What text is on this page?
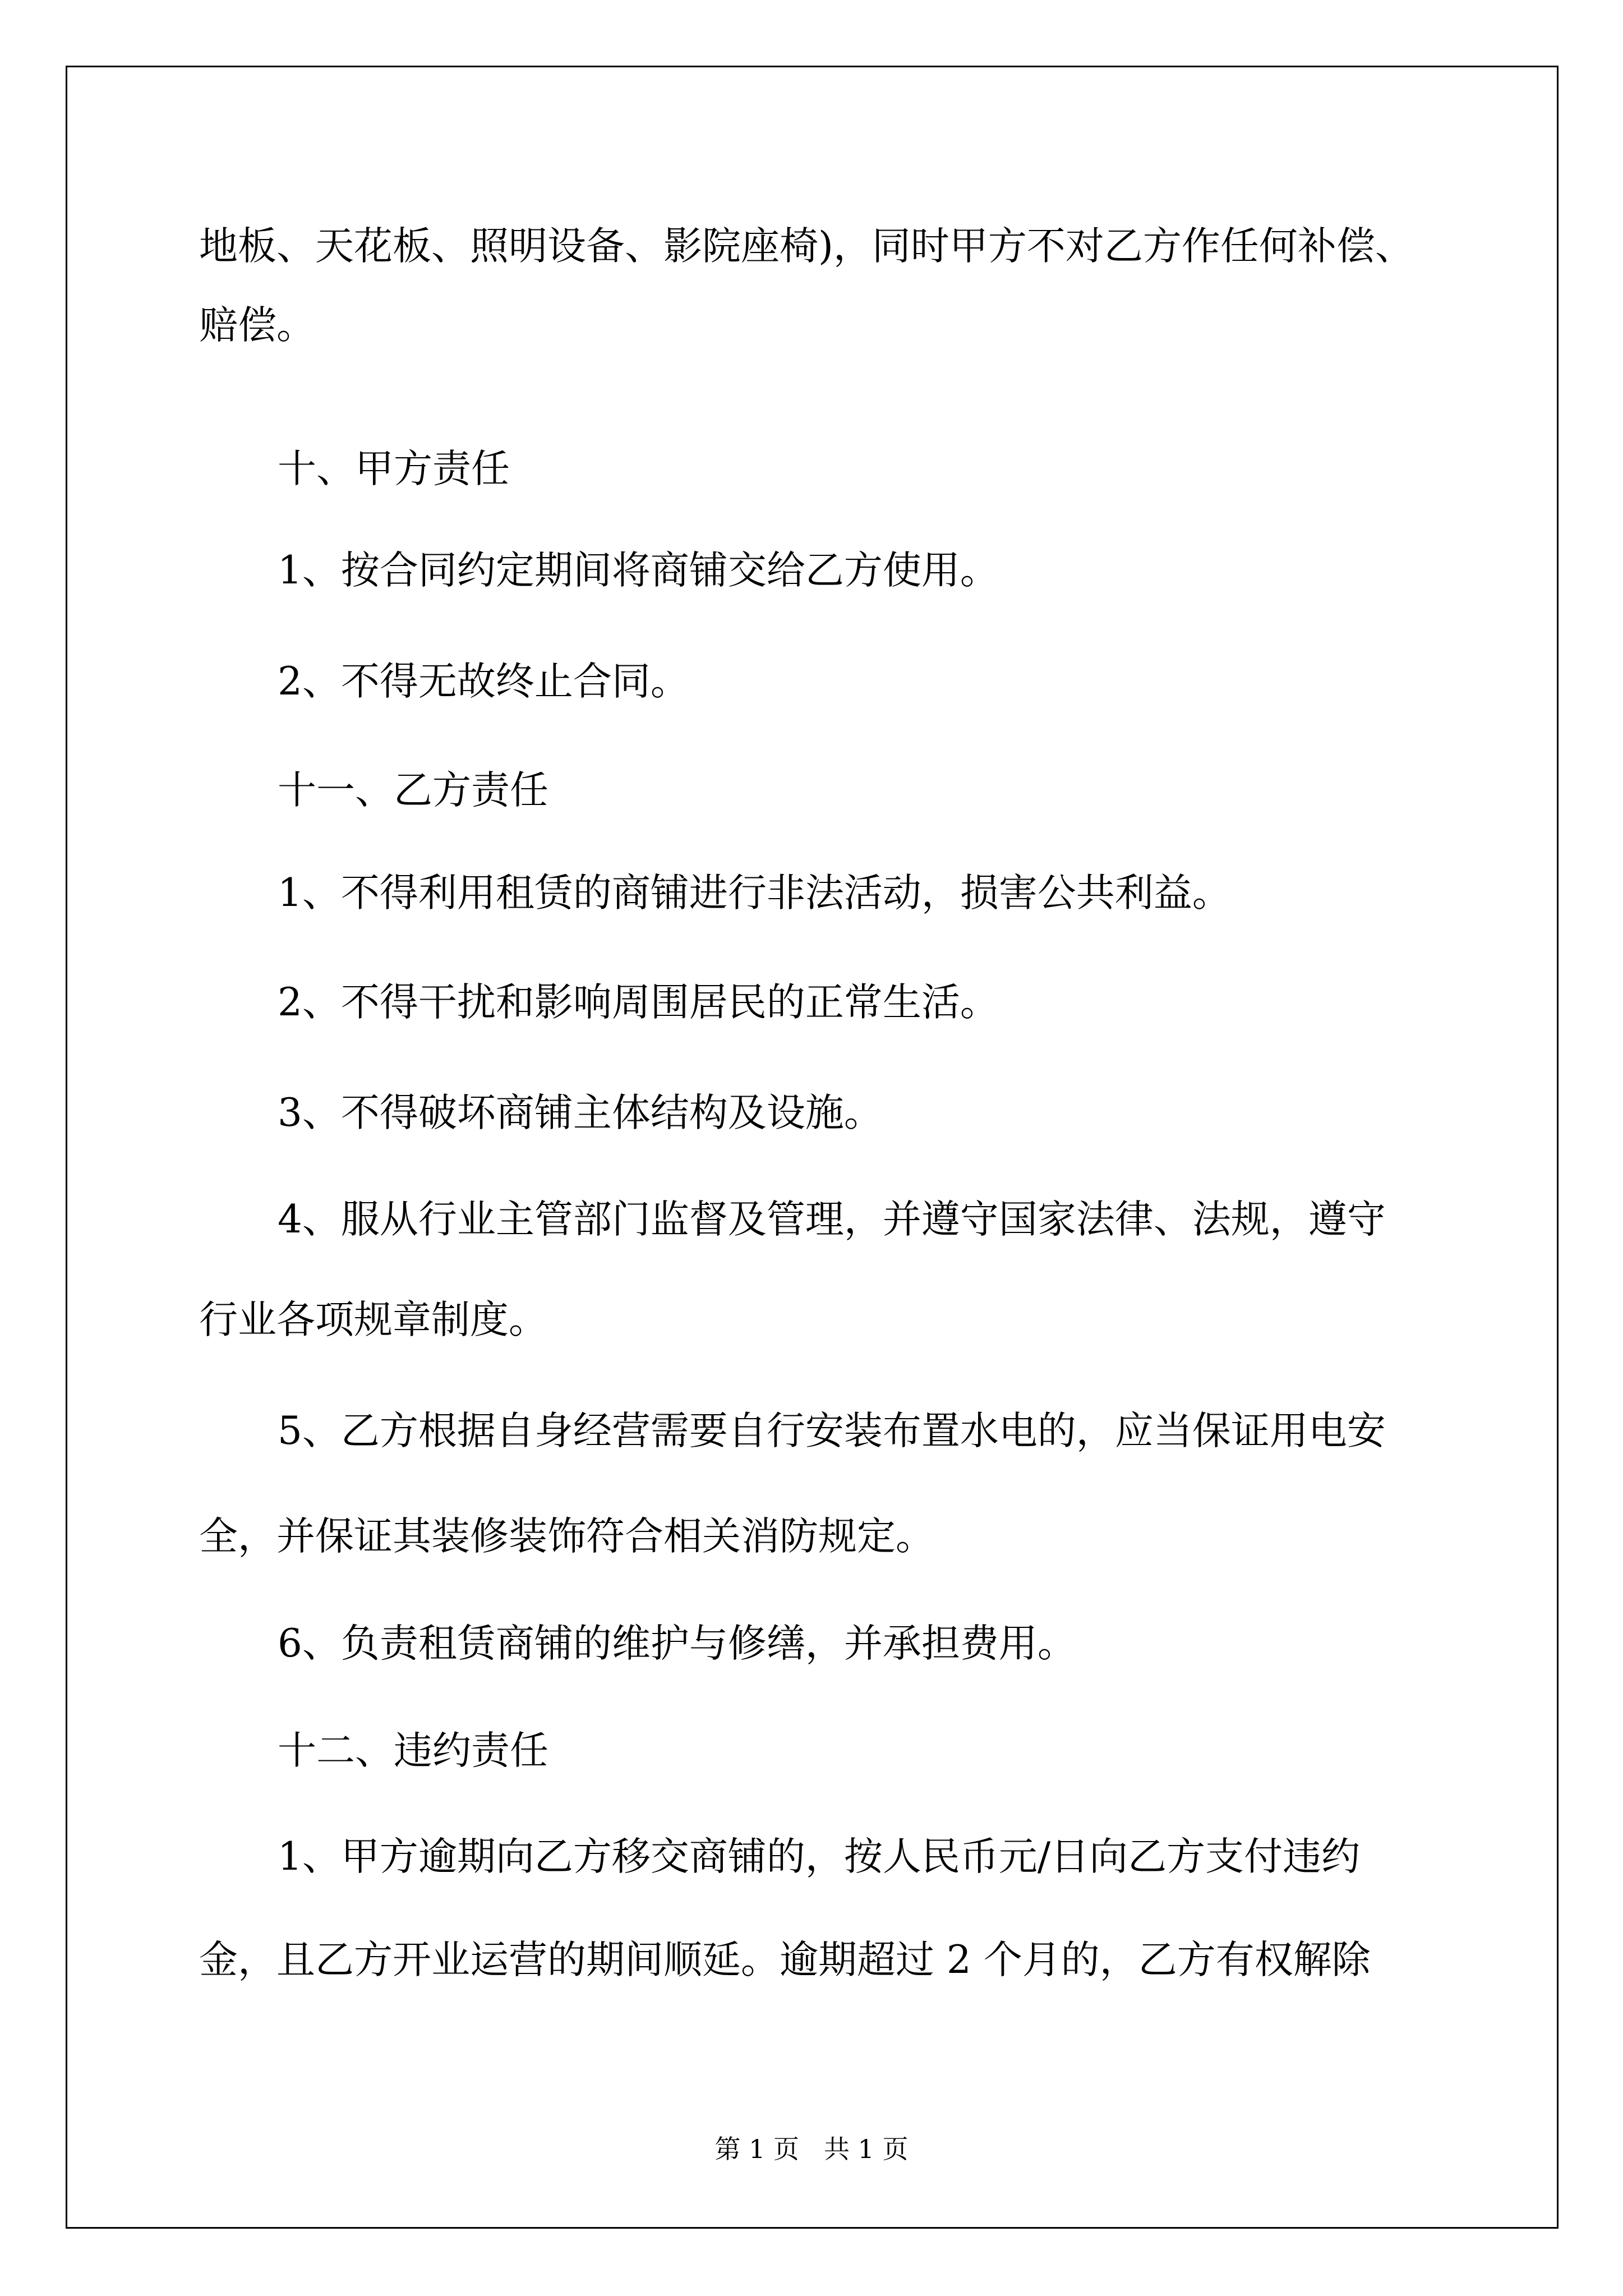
地板、天花板、照明设备、影院座椅)，同时甲方不对乙方作任何补偿、

赔偿。

十、甲方责任

1、按合同约定期间将商铺交给乙方使用。

2、不得无故终止合同。

十一、乙方责任

1、不得利用租赁的商铺进行非法活动，损害公共利益。

2、不得干扰和影响周围居民的正常生活。

3、不得破坏商铺主体结构及设施。

4、服从行业主管部门监督及管理，并遵守国家法律、法规，遵守

行业各项规章制度。

5、乙方根据自身经营需要自行安装布置水电的，应当保证用电安

全，并保证其装修装饰符合相关消防规定。

6、负责租赁商铺的维护与修缮，并承担费用。

十二、违约责任

1、甲方逾期向乙方移交商铺的，按人民币元/日向乙方支付违约

金，且乙方开业运营的期间顺延。逾期超过 2 个月的，乙方有权解除

第 1 页 共 1 页
